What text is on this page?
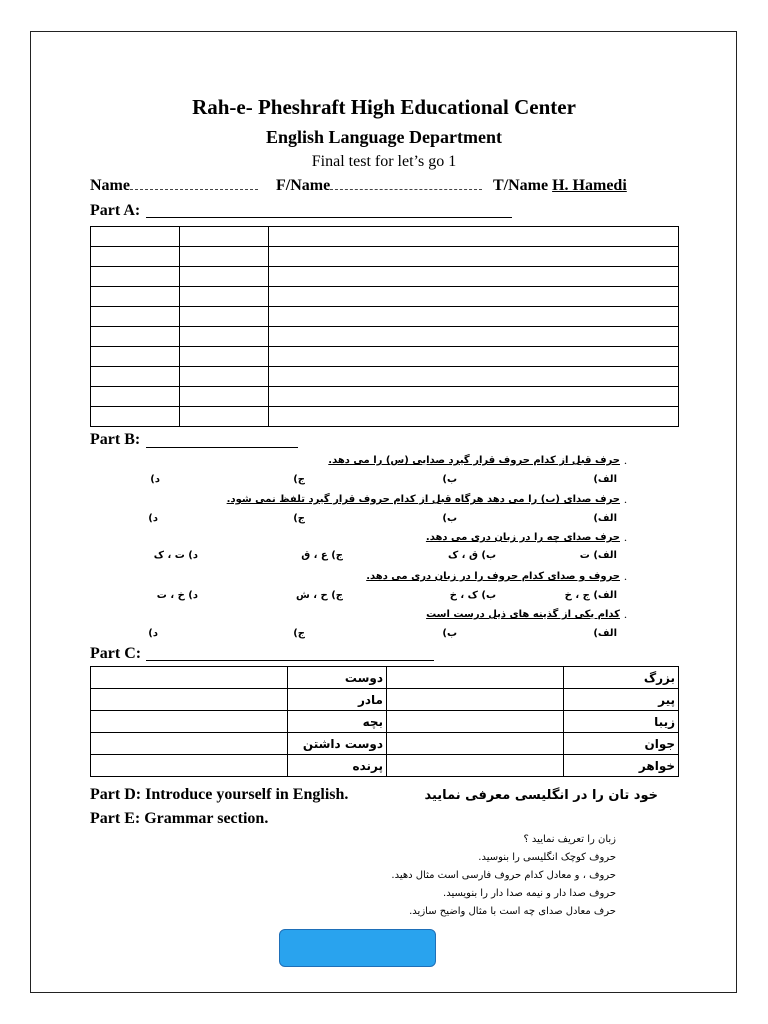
Rah-e- Pheshraft High Educational Center
English Language Department
Final test for let’s go 1
Name	F/Name	T/Name H. Hamedi
Part A:

Part B:
.
حرف قبل از کدام حروف قرار گیرد صدایی (س) را می دهد.
الف)
ب)
ج)
د)
.
حرف صدای (ب) را می دهد هرگاه قبل از کدام حروف قرار گیرد تلفظ نمی شود.
الف)
ب)
ج)
د)
.
حرف صدای چه را در زبان دری می دهد.
الف) ت
ب) ق ، ک
ج) ع ، ق
د) ت ، ک
.
حروف و صدای کدام حروف را در زبان دری می دهد.
الف) ج ، خ
ب) ک ، خ
ج) ح ، ش
د) خ ، ت
.
کدام یکی از گذینه های ذیل درست است
الف)
ب)
ج)
د)
Part C:
	دوست		بزرگ
	مادر		پیر
	بچه		زیبا
	دوست داشتن		جوان
	پرنده		خواهر
Part D: Introduce yourself in English.	خود تان را در انگلیسی معرفی نمایید
Part E: Grammar section.
زبان را تعریف نمایید ؟
حروف کوچک انگلیسی را بنوسید.
حروف ، و معادل کدام حروف فارسی است مثال دهید.
حروف صدا دار و نیمه صدا دار را بنویسید.
حرف معادل صدای چه است با مثال واضیح سازید.
